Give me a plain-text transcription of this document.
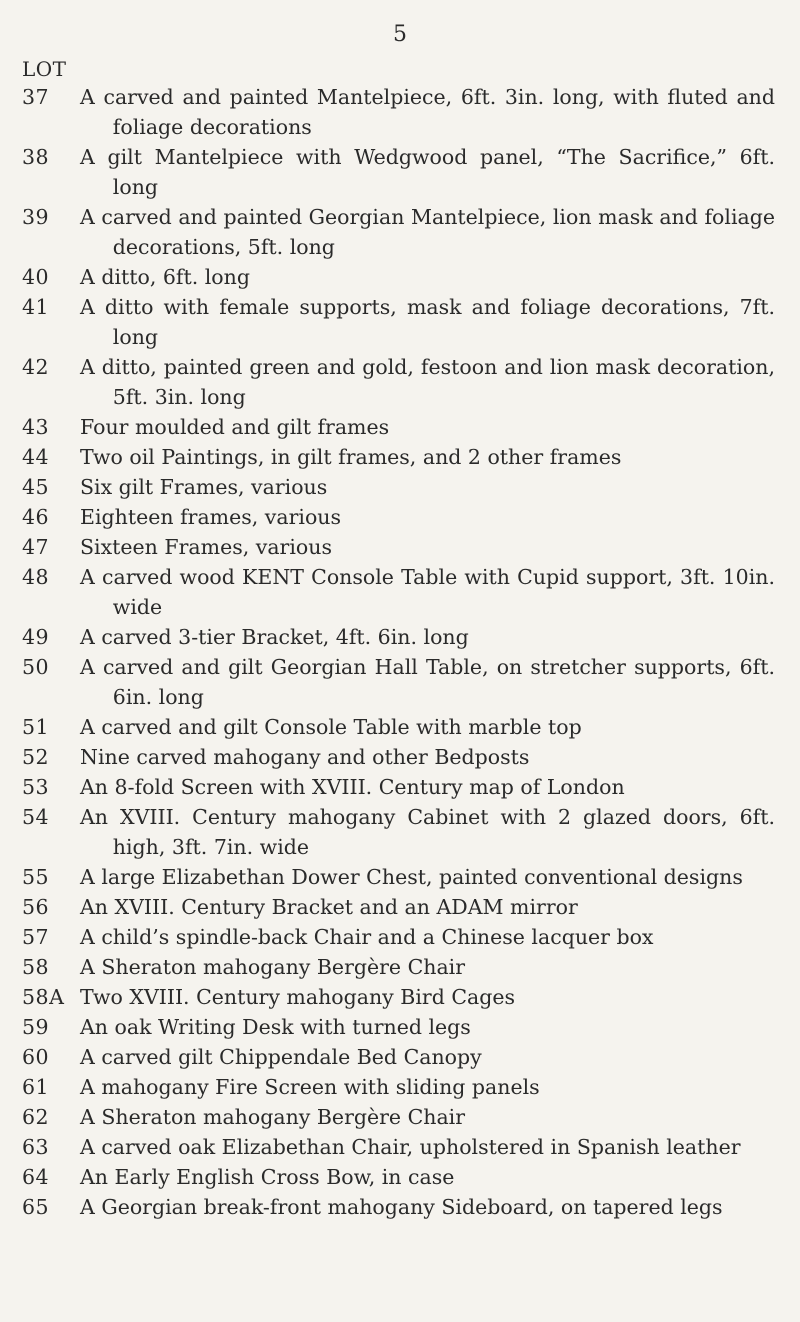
5
LOT
37	A carved and painted Mantelpiece, 6ft. 3in. long, with fluted and foliage decorations
38	A gilt Mantelpiece with Wedgwood panel, “The Sacrifice,” 6ft. long
39	A carved and painted Georgian Mantelpiece, lion mask and foliage decorations, 5ft. long
40	A ditto, 6ft. long
41	A ditto with female supports, mask and foliage decorations, 7ft. long
42	A ditto, painted green and gold, festoon and lion mask decoration, 5ft. 3in. long
43	Four moulded and gilt frames
44	Two oil Paintings, in gilt frames, and 2 other frames
45	Six gilt Frames, various
46	Eighteen frames, various
47	Sixteen Frames, various
48	A carved wood KENT Console Table with Cupid support, 3ft. 10in. wide
49	A carved 3-tier Bracket, 4ft. 6in. long
50	A carved and gilt Georgian Hall Table, on stretcher supports, 6ft. 6in. long
51	A carved and gilt Console Table with marble top
52	Nine carved mahogany and other Bedposts
53	An 8-fold Screen with XVIII. Century map of London
54	An XVIII. Century mahogany Cabinet with 2 glazed doors, 6ft. high, 3ft. 7in. wide
55	A large Elizabethan Dower Chest, painted conventional designs
56	An XVIII. Century Bracket and an ADAM mirror
57	A child’s spindle-back Chair and a Chinese lacquer box
58	A Sheraton mahogany Bergère Chair
58A Two XVIII. Century mahogany Bird Cages
59	An oak Writing Desk with turned legs
60	A carved gilt Chippendale Bed Canopy
61	A mahogany Fire Screen with sliding panels
62	A Sheraton mahogany Bergère Chair
63	A carved oak Elizabethan Chair, upholstered in Spanish leather
64	An Early English Cross Bow, in case
65	A Georgian break-front mahogany Sideboard, on tapered legs
